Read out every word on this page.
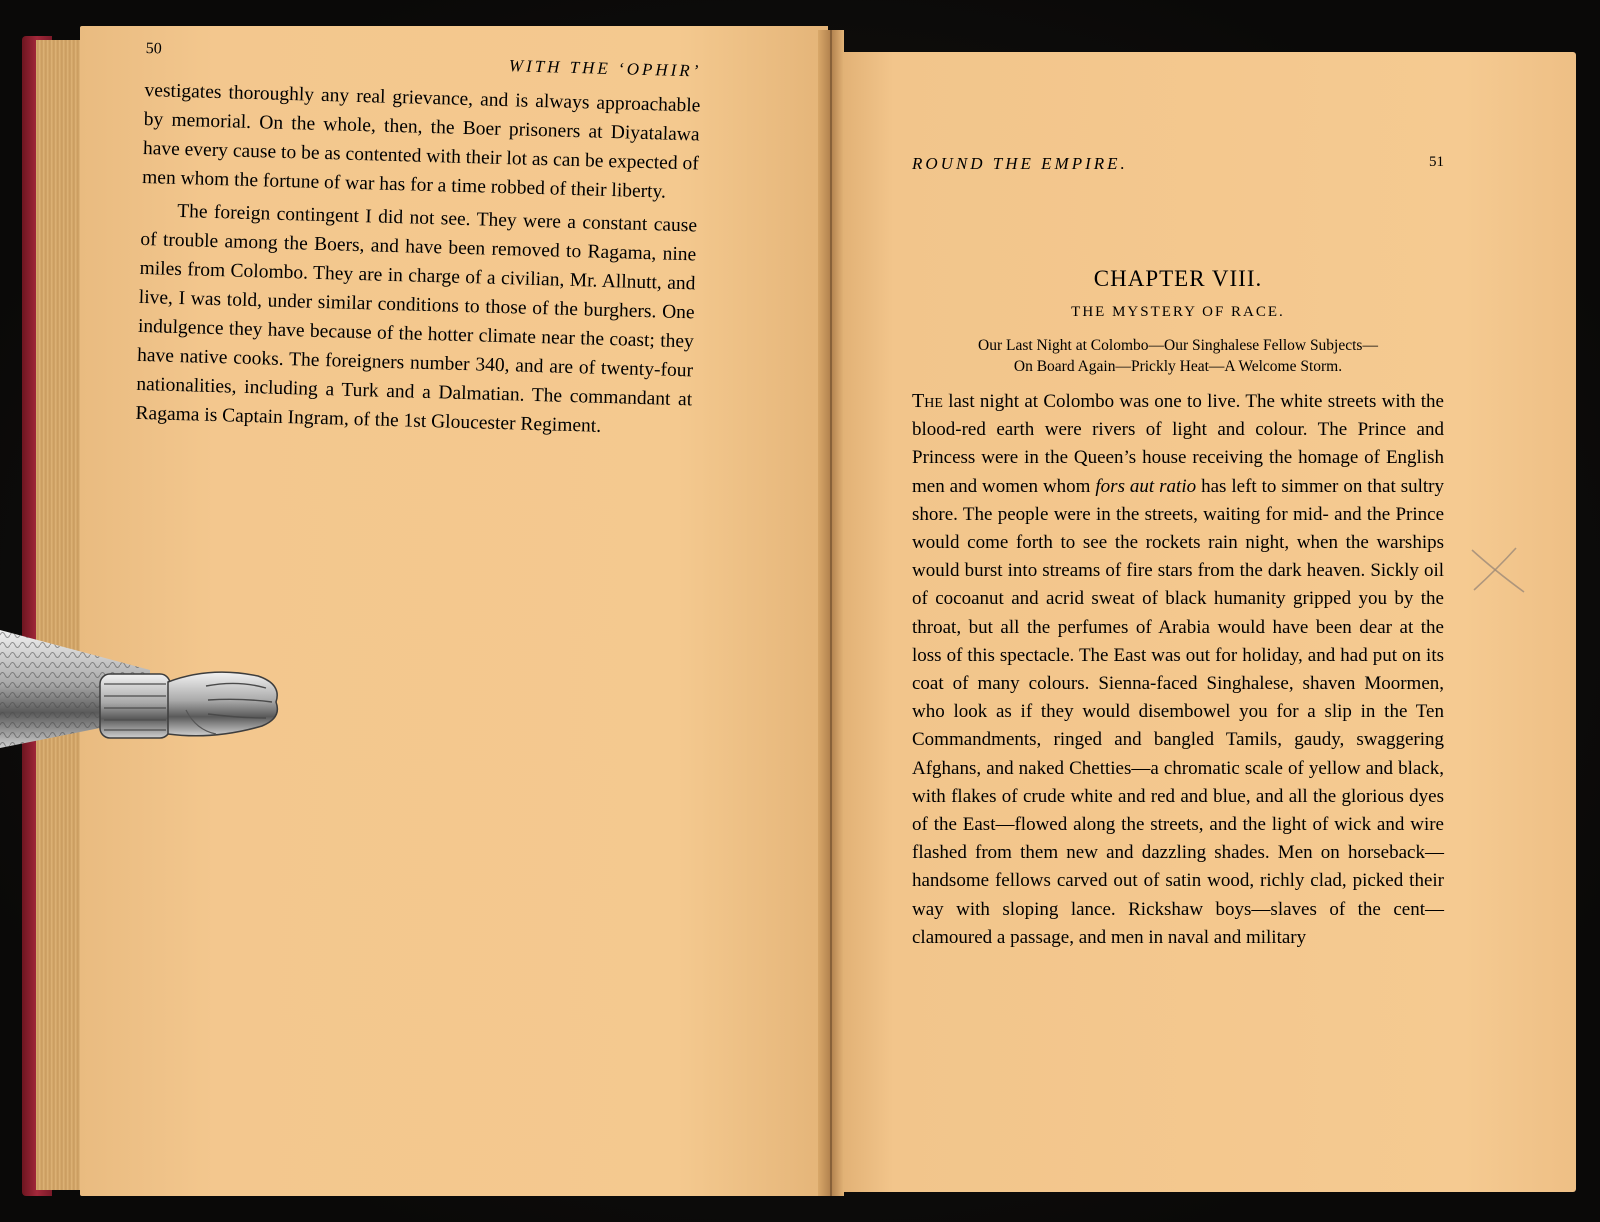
50
WITH THE ‘OPHIR’

vestigates thoroughly any real grievance, and is always approachable by memorial. On the whole, then, the Boer prisoners at Diyatalawa have every cause to be as contented with their lot as can be expected of men whom the fortune of war has for a time robbed of their liberty.

The foreign contingent I did not see. They were a constant cause of trouble among the Boers, and have been removed to Ragama, nine miles from Colombo. They are in charge of a civilian, Mr. Allnutt, and live, I was told, under similar conditions to those of the burghers. One indulgence they have because of the hotter climate near the coast; they have native cooks. The foreigners number 340, and are of twenty-four nationalities, including a Turk and a Dalmatian. The commandant at Ragama is Captain Ingram, of the 1st Gloucester Regiment.

ROUND THE EMPIRE.	51
CHAPTER VIII.
THE MYSTERY OF RACE.
Our Last Night at Colombo—Our Singhalese Fellow Subjects—
On Board Again—Prickly Heat—A Welcome Storm.

The last night at Colombo was one to live. The white streets with the blood-red earth were rivers of light and colour. The Prince and Princess were in the Queen’s house receiving the homage of English men and women whom fors aut ratio has left to simmer on that sultry shore. The people were in the streets, waiting for mid- and the Prince would come forth to see the rockets rain night, when the warships would burst into streams of fire stars from the dark heaven. Sickly oil of cocoanut and acrid sweat of black humanity gripped you by the throat, but all the perfumes of Arabia would have been dear at the loss of this spectacle. The East was out for holiday, and had put on its coat of many colours. Sienna-faced Singhalese, shaven Moormen, who look as if they would disembowel you for a slip in the Ten Commandments, ringed and bangled Tamils, gaudy, swaggering Afghans, and naked Chetties—a chromatic scale of yellow and black, with flakes of crude white and red and blue, and all the glorious dyes of the East—flowed along the streets, and the light of wick and wire flashed from them new and dazzling shades. Men on horseback—handsome fellows carved out of satin wood, richly clad, picked their way with sloping lance. Rickshaw boys—slaves of the cent—clamoured a passage, and men in naval and military
